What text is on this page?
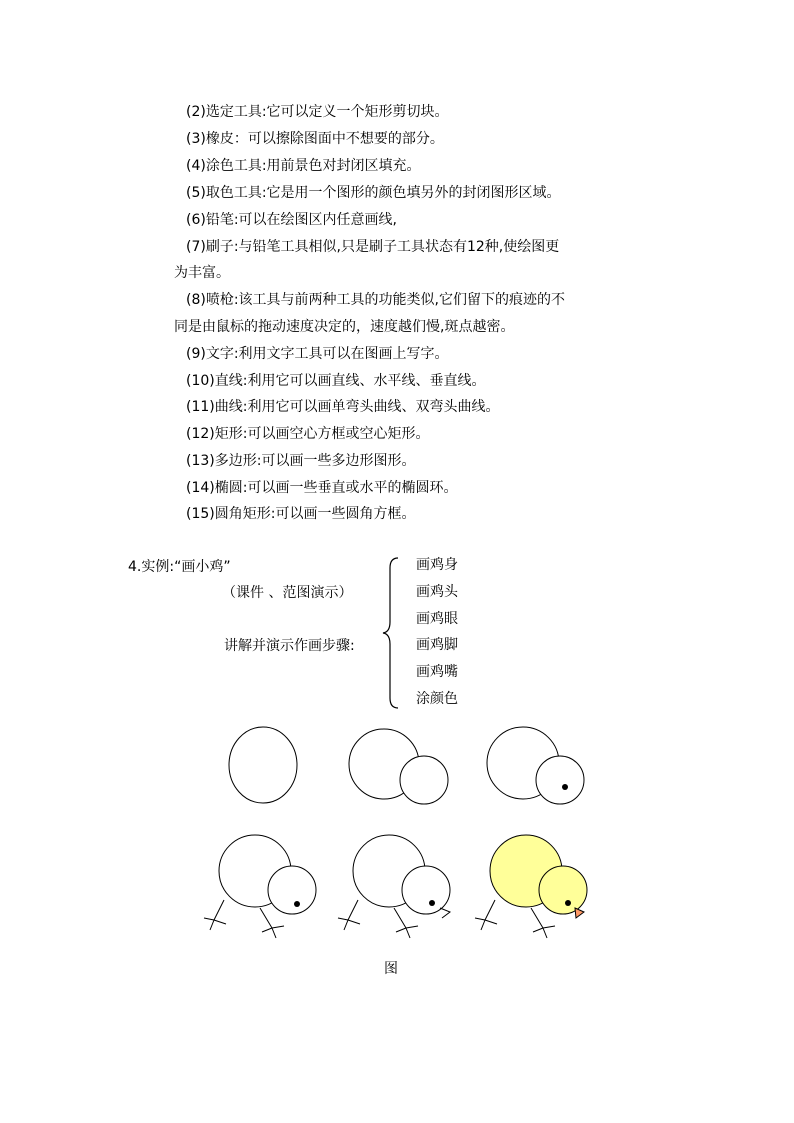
(2)选定工具:它可以定义一个矩形剪切块。
(3)橡皮：可以擦除图面中不想要的部分。
(4)涂色工具:用前景色对封闭区填充。
(5)取色工具:它是用一个图形的颜色填另外的封闭图形区域。
(6)铅笔:可以在绘图区内任意画线,
(7)刷子:与铅笔工具相似,只是刷子工具状态有12种,使绘图更
为丰富。
(8)喷枪:该工具与前两种工具的功能类似,它们留下的痕迹的不
同是由鼠标的拖动速度决定的，速度越们慢,斑点越密。
(9)文字:利用文字工具可以在图画上写字。
(10)直线:利用它可以画直线、水平线、垂直线。
(11)曲线:利用它可以画单弯头曲线、双弯头曲线。
(12)矩形:可以画空心方框或空心矩形。
(13)多边形:可以画一些多边形图形。
(14)椭圆:可以画一些垂直或水平的椭圆环。
(15)圆角矩形:可以画一些圆角方框。
4.实例:“画小鸡”
（课件 、范图演示）
讲解并演示作画步骤:
画鸡身
画鸡头
画鸡眼
画鸡脚
画鸡嘴
涂颜色
图
